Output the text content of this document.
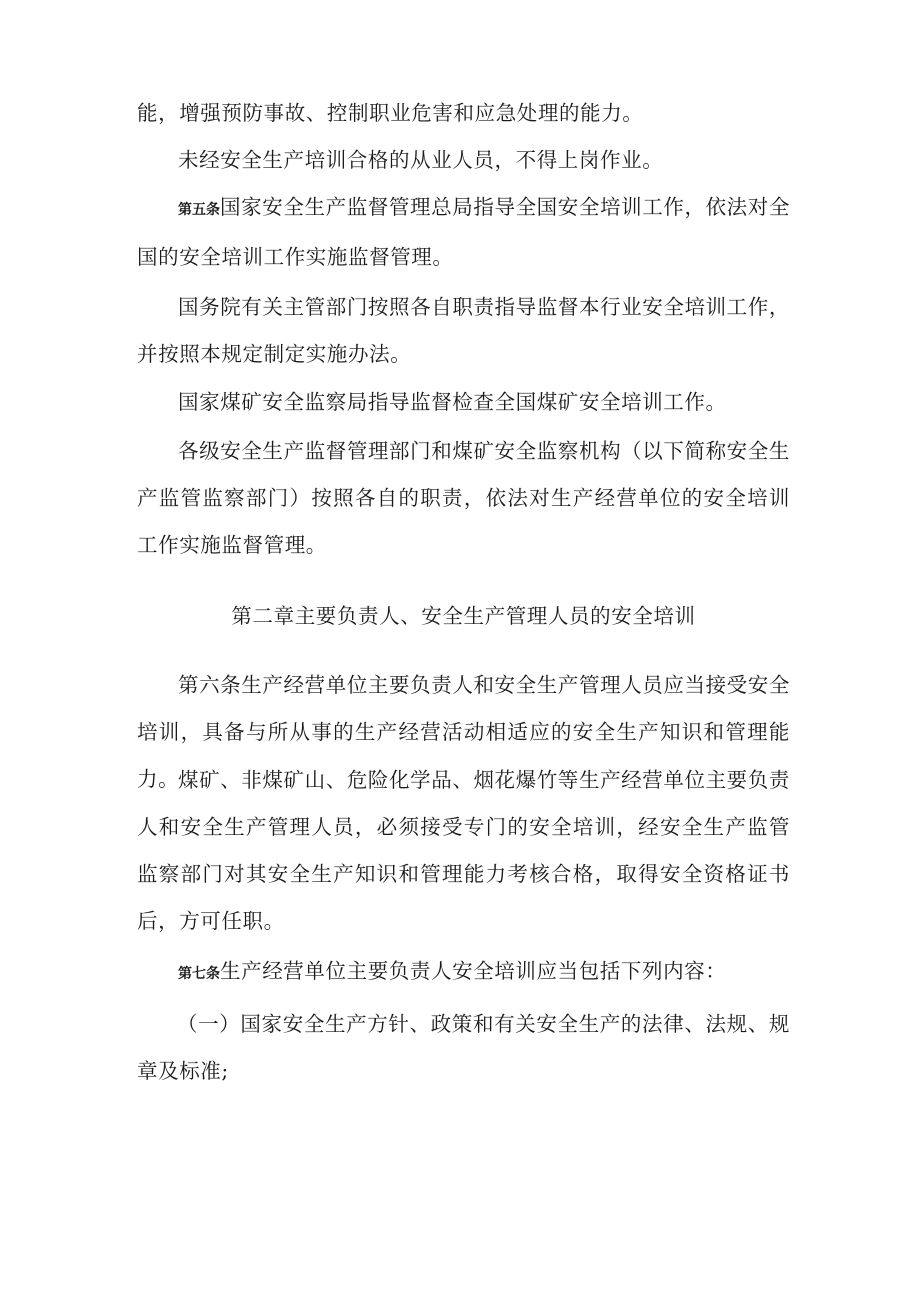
能，增强预防事故、控制职业危害和应急处理的能力。

未经安全生产培训合格的从业人员，不得上岗作业。

第五条国家安全生产监督管理总局指导全国安全培训工作，依法对全国的安全培训工作实施监督管理。

国务院有关主管部门按照各自职责指导监督本行业安全培训工作，并按照本规定制定实施办法。

国家煤矿安全监察局指导监督检查全国煤矿安全培训工作。

各级安全生产监督管理部门和煤矿安全监察机构（以下简称安全生产监管监察部门）按照各自的职责，依法对生产经营单位的安全培训工作实施监督管理。

第二章主要负责人、安全生产管理人员的安全培训

第六条生产经营单位主要负责人和安全生产管理人员应当接受安全培训，具备与所从事的生产经营活动相适应的安全生产知识和管理能力。

煤矿、非煤矿山、危险化学品、烟花爆竹等生产经营单位主要负责人和安全生产管理人员，必须接受专门的安全培训，经安全生产监管监察部门对其安全生产知识和管理能力考核合格，取得安全资格证书后，方可任职。

第七条生产经营单位主要负责人安全培训应当包括下列内容：

（一）国家安全生产方针、政策和有关安全生产的法律、法规、规章及标准;
